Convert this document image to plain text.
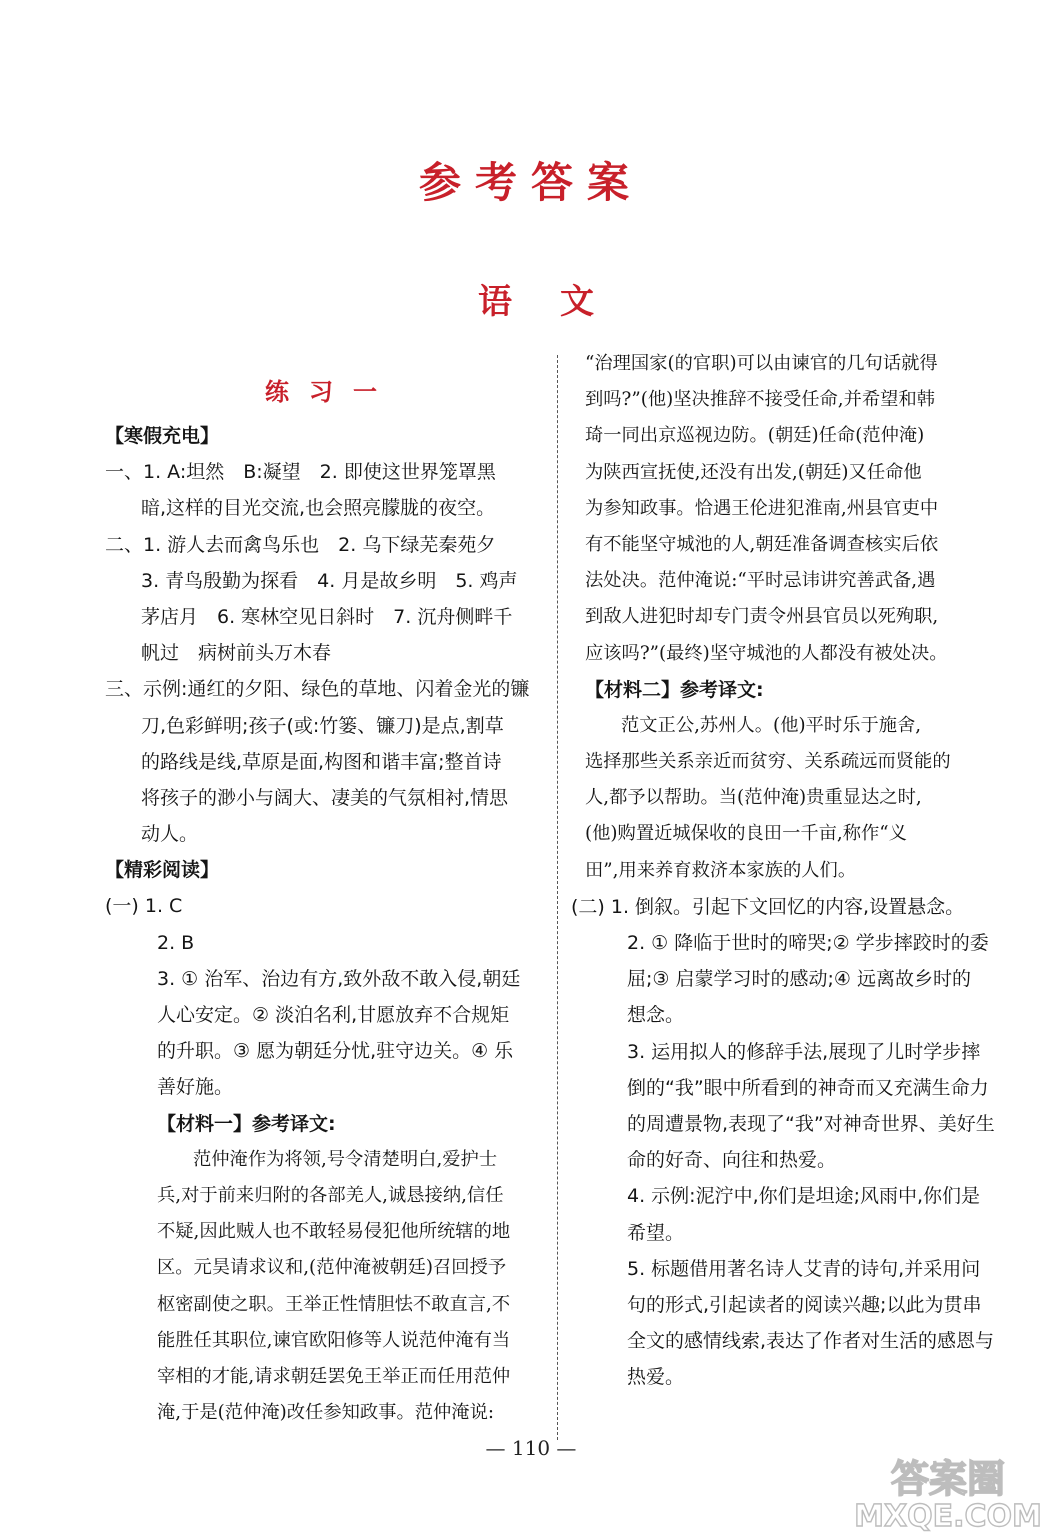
参考答案
语文
练习一
【寒假充电】
一、1. A:坦然　B:凝望　2. 即使这世界笼罩黑
暗,这样的目光交流,也会照亮朦胧的夜空。
二、1. 游人去而禽鸟乐也　2. 乌下绿芜秦苑夕
3. 青鸟殷勤为探看　4. 月是故乡明　5. 鸡声
茅店月　6. 寒林空见日斜时　7. 沉舟侧畔千
帆过　病树前头万木春
三、示例:通红的夕阳、绿色的草地、闪着金光的镰
刀,色彩鲜明;孩子(或:竹篓、镰刀)是点,割草
的路线是线,草原是面,构图和谐丰富;整首诗
将孩子的渺小与阔大、凄美的气氛相衬,情思
动人。
【精彩阅读】
(一) 1. C
2. B
3. ① 治军、治边有方,致外敌不敢入侵,朝廷
人心安定。② 淡泊名利,甘愿放弃不合规矩
的升职。③ 愿为朝廷分忧,驻守边关。④ 乐
善好施。
【材料一】参考译文:
范仲淹作为将领,号令清楚明白,爱护士
兵,对于前来归附的各部羌人,诚恳接纳,信任
不疑,因此贼人也不敢轻易侵犯他所统辖的地
区。元昊请求议和,(范仲淹被朝廷)召回授予
枢密副使之职。王举正性情胆怯不敢直言,不
能胜任其职位,谏官欧阳修等人说范仲淹有当
宰相的才能,请求朝廷罢免王举正而任用范仲
淹,于是(范仲淹)改任参知政事。范仲淹说:
“治理国家(的官职)可以由谏官的几句话就得
到吗?”(他)坚决推辞不接受任命,并希望和韩
琦一同出京巡视边防。(朝廷)任命(范仲淹)
为陕西宣抚使,还没有出发,(朝廷)又任命他
为参知政事。恰遇王伦进犯淮南,州县官吏中
有不能坚守城池的人,朝廷准备调查核实后依
法处决。范仲淹说:“平时忌讳讲究善武备,遇
到敌人进犯时却专门责令州县官员以死殉职,
应该吗?”(最终)坚守城池的人都没有被处决。
【材料二】参考译文:
范文正公,苏州人。(他)平时乐于施舍,
选择那些关系亲近而贫穷、关系疏远而贤能的
人,都予以帮助。当(范仲淹)贵重显达之时,
(他)购置近城保收的良田一千亩,称作“义
田”,用来养育救济本家族的人们。
(二) 1. 倒叙。引起下文回忆的内容,设置悬念。
2. ① 降临于世时的啼哭;② 学步摔跤时的委
屈;③ 启蒙学习时的感动;④ 远离故乡时的
想念。
3. 运用拟人的修辞手法,展现了儿时学步摔
倒的“我”眼中所看到的神奇而又充满生命力
的周遭景物,表现了“我”对神奇世界、美好生
命的好奇、向往和热爱。
4. 示例:泥泞中,你们是坦途;风雨中,你们是
希望。
5. 标题借用著名诗人艾青的诗句,并采用问
句的形式,引起读者的阅读兴趣;以此为贯串
全文的感情线索,表达了作者对生活的感恩与
热爱。
— 110 —
答案圈
MXQE.COM
